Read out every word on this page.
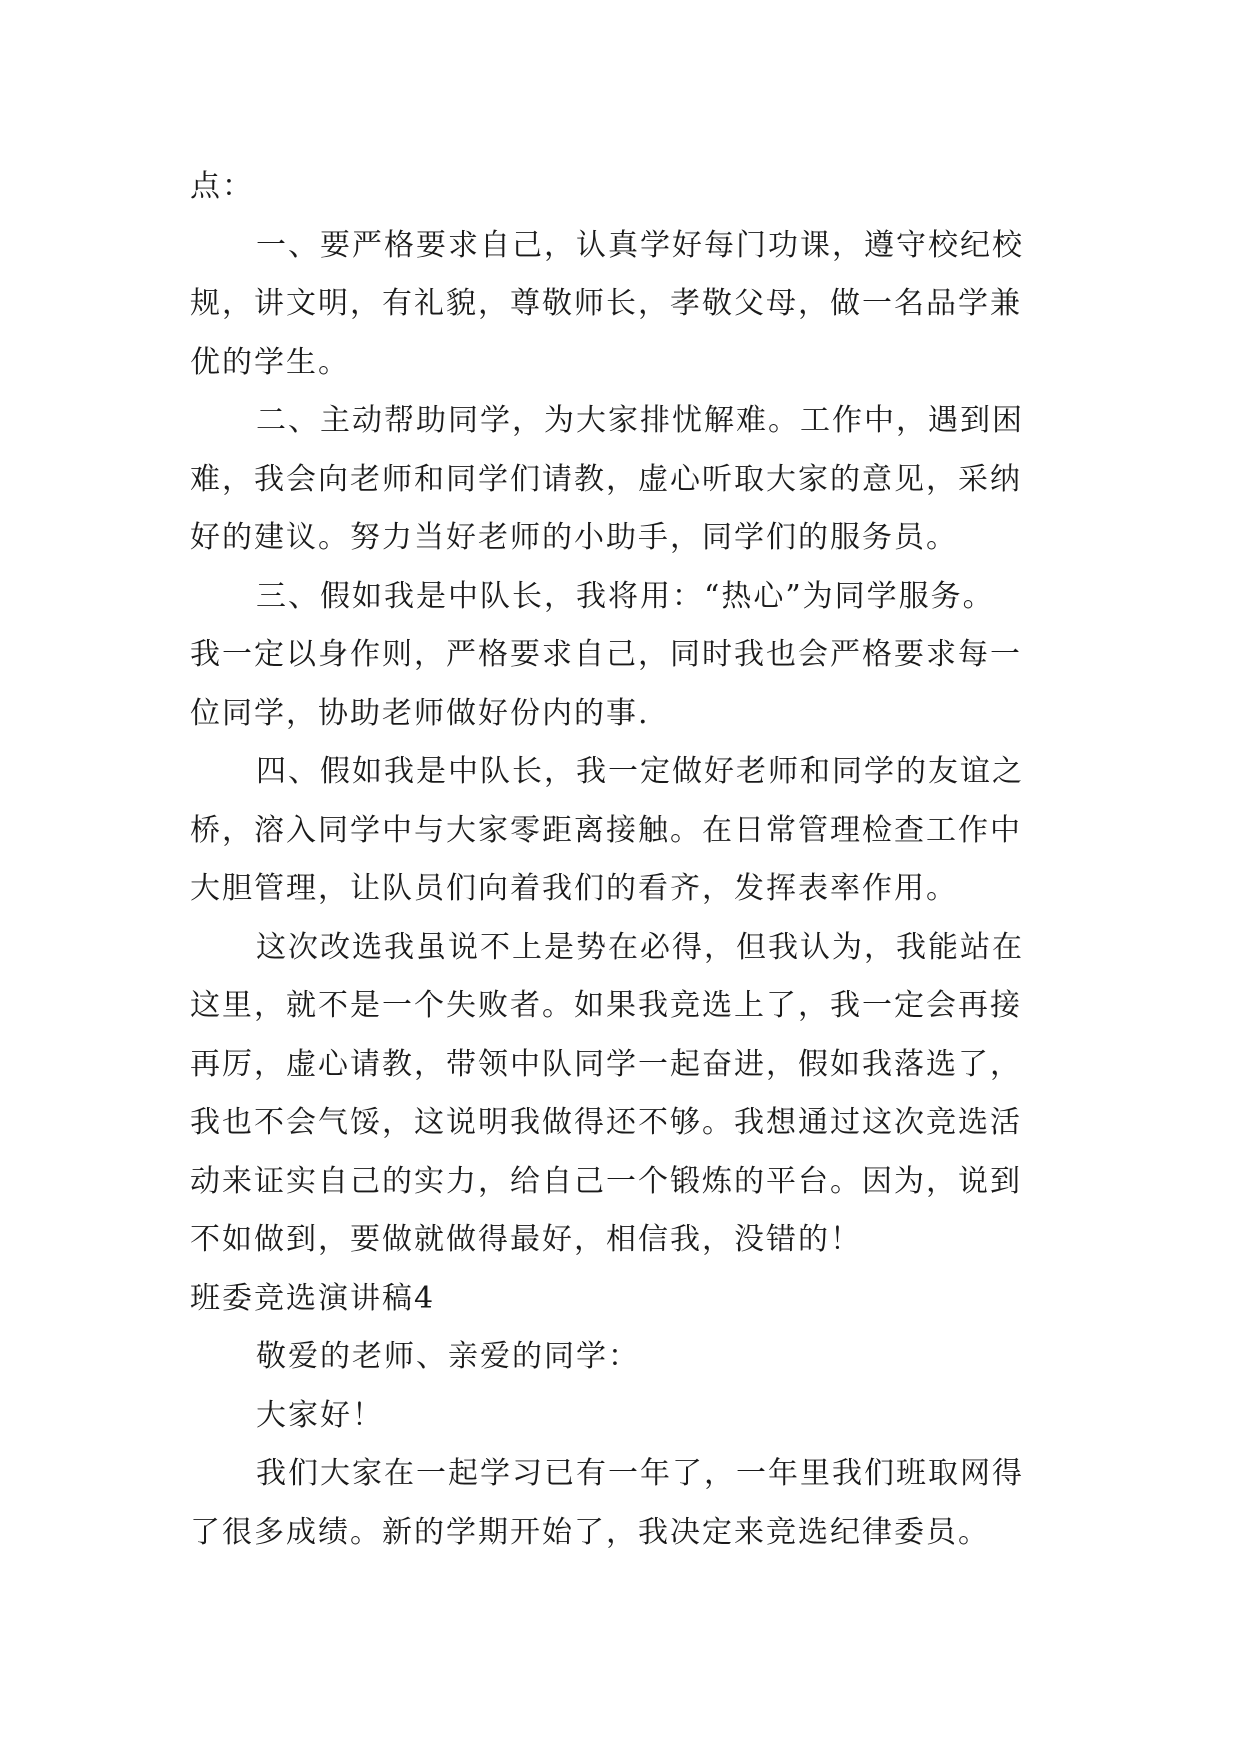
点：
一、要严格要求自己，认真学好每门功课，遵守校纪校
规，讲文明，有礼貌，尊敬师长，孝敬父母，做一名品学兼
优的学生。
二、主动帮助同学，为大家排忧解难。工作中，遇到困
难，我会向老师和同学们请教，虚心听取大家的意见，采纳
好的建议。努力当好老师的小助手，同学们的服务员。
三、假如我是中队长，我将用：“热心”为同学服务。
我一定以身作则，严格要求自己，同时我也会严格要求每一
位同学，协助老师做好份内的事.
四、假如我是中队长，我一定做好老师和同学的友谊之
桥，溶入同学中与大家零距离接触。在日常管理检查工作中
大胆管理，让队员们向着我们的看齐，发挥表率作用。
这次改选我虽说不上是势在必得，但我认为，我能站在
这里，就不是一个失败者。如果我竞选上了，我一定会再接
再厉，虚心请教，带领中队同学一起奋进，假如我落选了，
我也不会气馁，这说明我做得还不够。我想通过这次竞选活
动来证实自己的实力，给自己一个锻炼的平台。因为，说到
不如做到，要做就做得最好，相信我，没错的！
班委竞选演讲稿4
敬爱的老师、亲爱的同学：
大家好！
我们大家在一起学习已有一年了，一年里我们班取网得
了很多成绩。新的学期开始了，我决定来竞选纪律委员。
